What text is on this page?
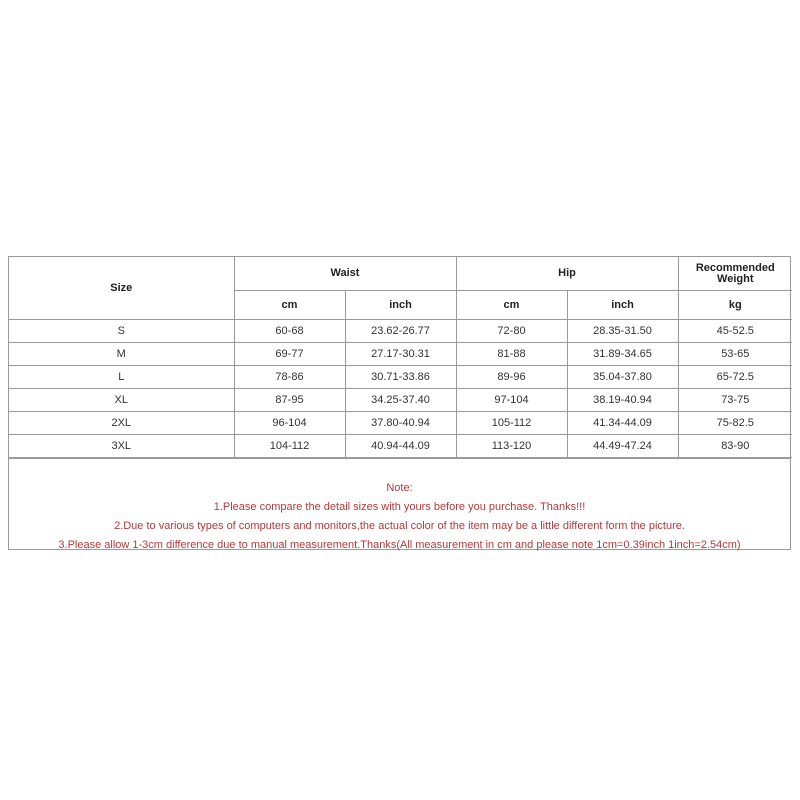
Size	Waist		Hip		Recommended Weight

	cm	inch	cm	inch	kg
S	60-68	23.62-26.77	72-80	28.35-31.50	45-52.5
M	69-77	27.17-30.31	81-88	31.89-34.65	53-65
L	78-86	30.71-33.86	89-96	35.04-37.80	65-72.5
XL	87-95	34.25-37.40	97-104	38.19-40.94	73-75
2XL	96-104	37.80-40.94	105-112	41.34-44.09	75-82.5
3XL	104-112	40.94-44.09	113-120	44.49-47.24	83-90
Note:
1.Please compare the detail sizes with yours before you purchase. Thanks!!!
2.Due to various types of computers and monitors,the actual color of the item may be a little different form the picture.
3.Please allow 1-3cm difference due to manual measurement.Thanks(All measurement in cm and please note 1cm=0.39inch 1inch=2.54cm)
